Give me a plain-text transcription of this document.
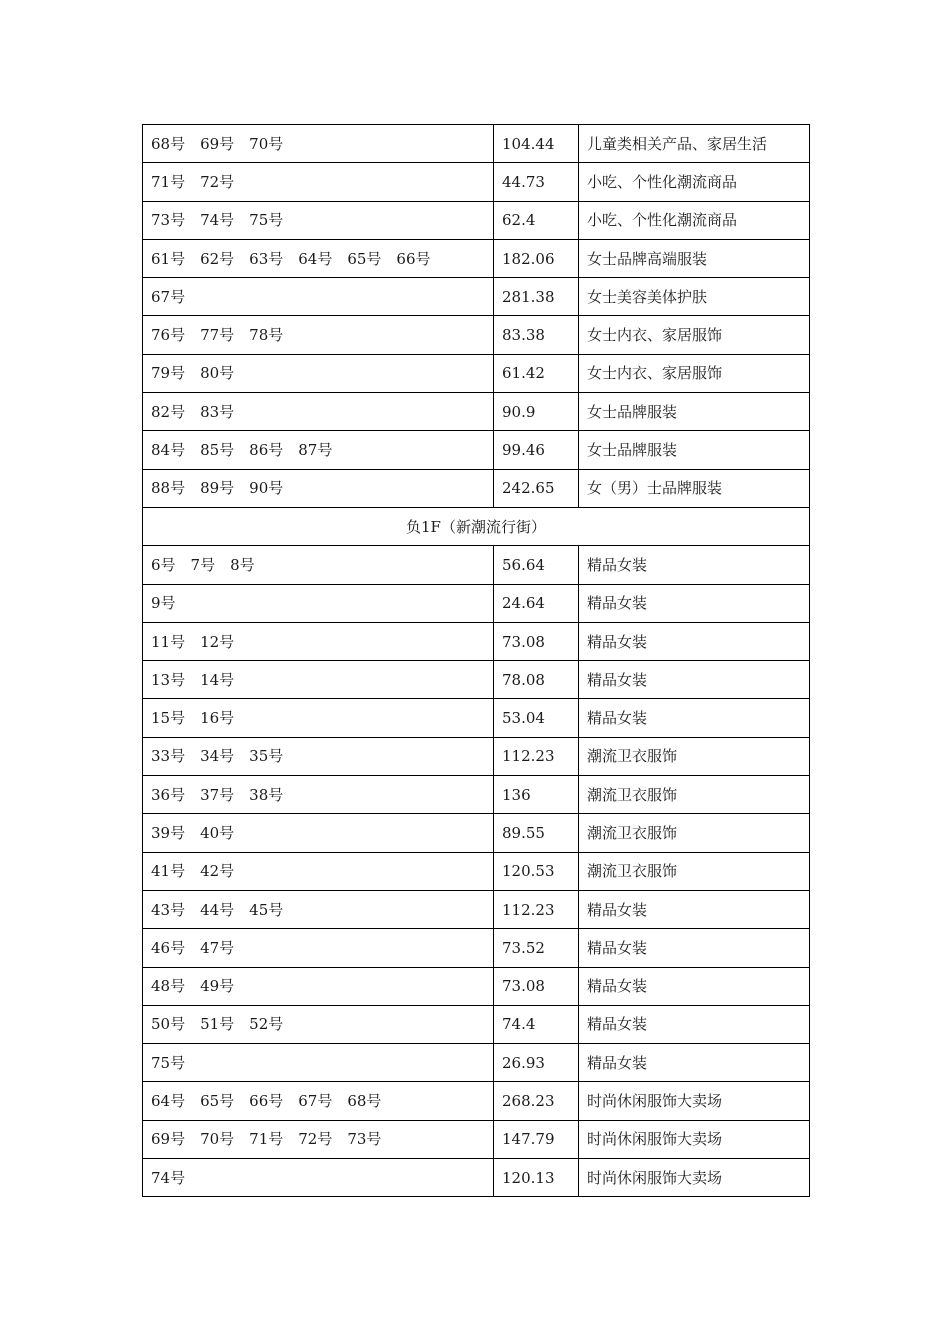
68号　69号　70号	104.44	儿童类相关产品、家居生活
71号　72号	44.73	小吃、个性化潮流商品
73号　74号　75号	62.4	小吃、个性化潮流商品
61号　62号　63号　64号　65号　66号	182.06	女士品牌高端服装
67号	281.38	女士美容美体护肤
76号　77号　78号	83.38	女士内衣、家居服饰
79号　80号	61.42	女士内衣、家居服饰
82号　83号	90.9	女士品牌服装
84号　85号　86号　87号	99.46	女士品牌服装
88号　89号　90号	242.65	女（男）士品牌服装
负1F（新潮流行街）		
6号　7号　8号	56.64	精品女装
9号	24.64	精品女装
11号　12号	73.08	精品女装
13号　14号	78.08	精品女装
15号　16号	53.04	精品女装
33号　34号　35号	112.23	潮流卫衣服饰
36号　37号　38号	136	潮流卫衣服饰
39号　40号	89.55	潮流卫衣服饰
41号　42号	120.53	潮流卫衣服饰
43号　44号　45号	112.23	精品女装
46号　47号	73.52	精品女装
48号　49号	73.08	精品女装
50号　51号　52号	74.4	精品女装
75号	26.93	精品女装
64号　65号　66号　67号　68号	268.23	时尚休闲服饰大卖场
69号　70号　71号　72号　73号	147.79	时尚休闲服饰大卖场
74号	120.13	时尚休闲服饰大卖场
